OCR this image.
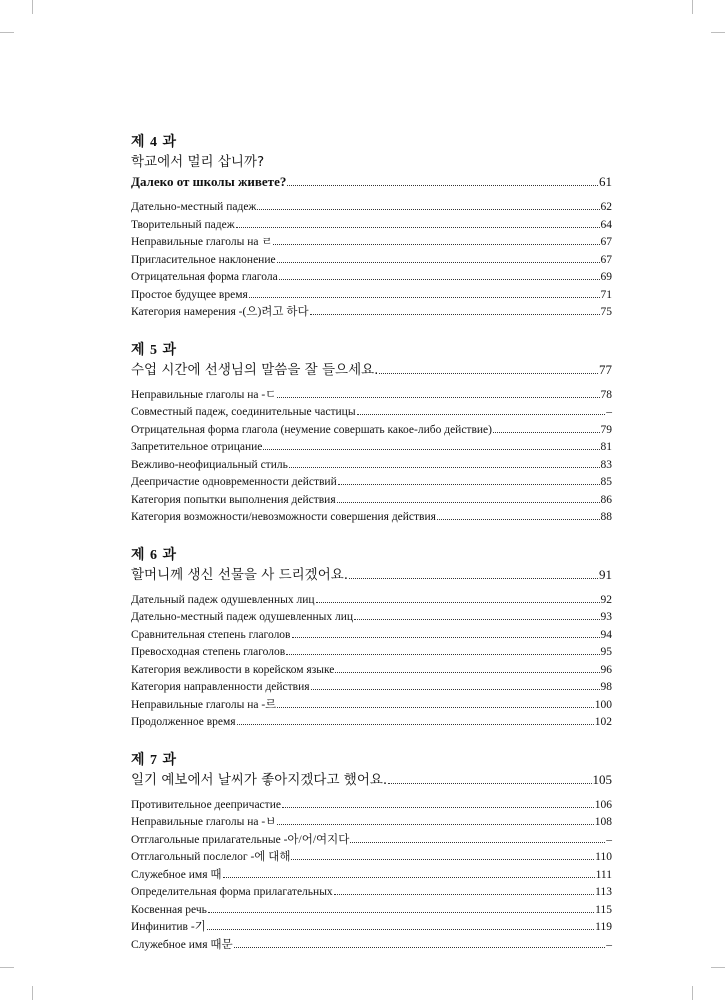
제 4 과
학교에서 멀리 삽니까?
Далеко от школы живете?	61
Дательно-местный падеж	62
Творительный падеж	64
Неправильные глаголы на ㄹ	67
Пригласительное наклонение	67
Отрицательная форма глагола	69
Простое будущее время	71
Категория намерения -(으)려고 하다	75
제 5 과
수업 시간에 선생님의 말씀을 잘 들으세요.	77
Неправильные глаголы на -ㄷ	78
Совместный падеж, соединительные частицы	–
Отрицательная форма глагола (неумение совершать какое-либо действие)	79
Запретительное отрицание	81
Вежливо-неофициальный стиль	83
Деепричастие одновременности действий	85
Категория попытки выполнения действия	86
Категория возможности/невозможности совершения действия	88
제 6 과
할머니께 생신 선물을 사 드리겠어요.	91
Дательный падеж одушевленных лиц	92
Дательно-местный падеж одушевленных лиц	93
Сравнительная степень глаголов	94
Превосходная степень глаголов	95
Категория вежливости в корейском языке	96
Категория направленности действия	98
Неправильные глаголы на -르	100
Продолженное время	102
제 7 과
일기 예보에서 날씨가 좋아지겠다고 했어요.	105
Противительное деепричастие	106
Неправильные глаголы на -ㅂ	108
Отглагольные прилагательные -아/어/여지다	–
Отглагольный послелог -에 대해	110
Служебное имя 때	111
Определительная форма прилагательных	113
Косвенная речь	115
Инфинитив -기	119
Служебное имя 때문	–
